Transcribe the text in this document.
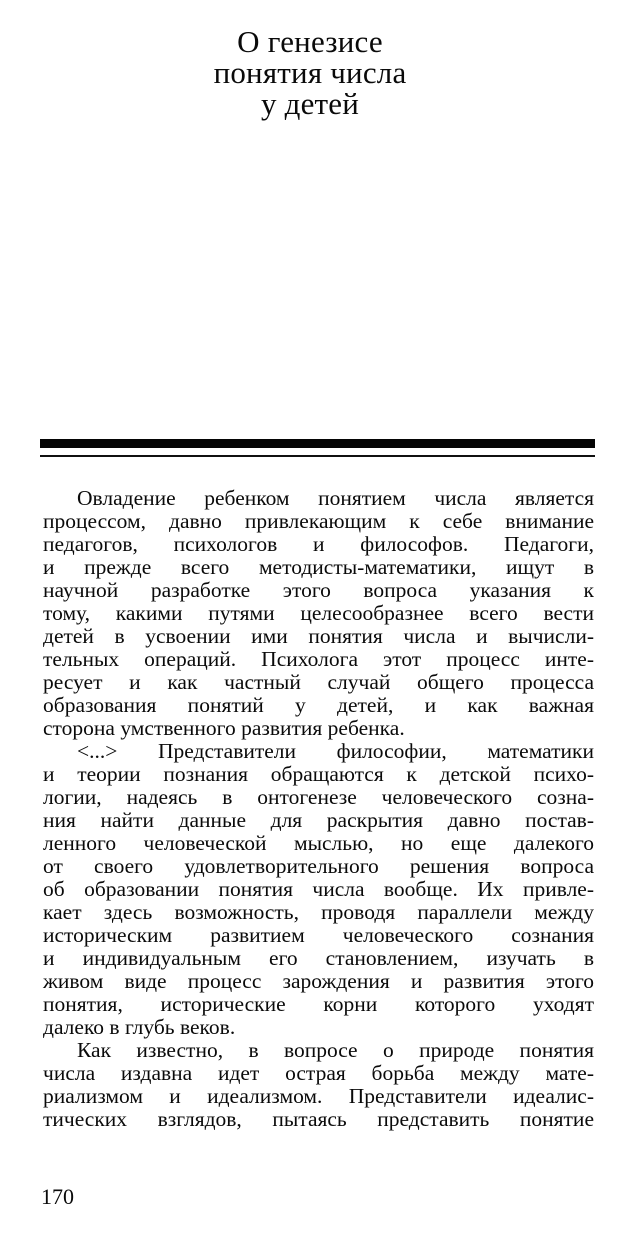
О генезисе
понятия числа
у детей
Овладение ребенком понятием числа является
процессом, давно привлекающим к себе внимание
педагогов, психологов и философов. Педагоги,
и прежде всего методисты-математики, ищут в
научной разработке этого вопроса указания к
тому, какими путями целесообразнее всего вести
детей в усвоении ими понятия числа и вычисли-
тельных операций. Психолога этот процесс инте-
ресует и как частный случай общего процесса
образования понятий у детей, и как важная
сторона умственного развития ребенка.
<...> Представители философии, математики
и теории познания обращаются к детской психо-
логии, надеясь в онтогенезе человеческого созна-
ния найти данные для раскрытия давно постав-
ленного человеческой мыслью, но еще далекого
от своего удовлетворительного решения вопроса
об образовании понятия числа вообще. Их привле-
кает здесь возможность, проводя параллели между
историческим развитием человеческого сознания
и индивидуальным его становлением, изучать в
живом виде процесс зарождения и развития этого
понятия, исторические корни которого уходят
далеко в глубь веков.
Как известно, в вопросе о природе понятия
числа издавна идет острая борьба между мате-
риализмом и идеализмом. Представители идеалис-
тических взглядов, пытаясь представить понятие
170
